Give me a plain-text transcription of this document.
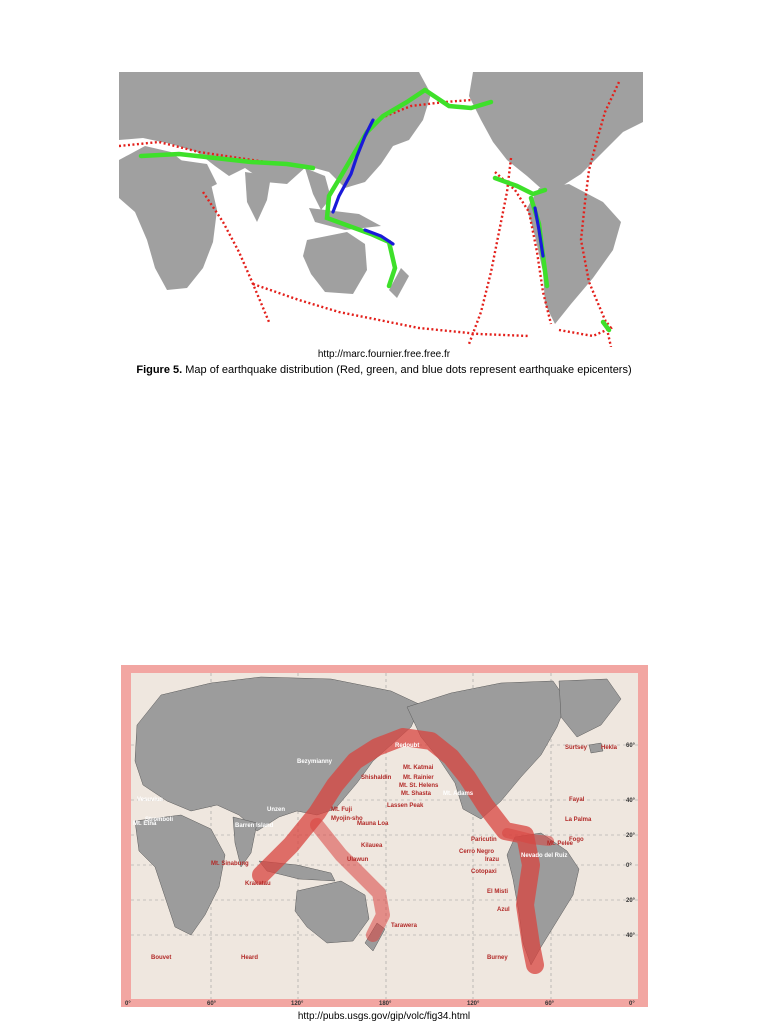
http://marc.fournier.free.free.fr
Figure 5. Map of earthquake distribution (Red, green, and blue dots represent earthquake epicenters)
Redoubt
Bezymianny
Mt. Katmai
Shishaldin Mt. Rainier
Mt. St. Helens
Mt. Shasta
Lassen Peak
Mt. Adams
Mt. Fuji
Myojin-sho
Mauna Loa
Unzen
Barren Island
Kilauea
Mt. Sinabung
Ulawun
Krakatau
Tarawera
Paricutin
Cerro Negro
Irazu
Nevado del Ruiz
Cotopaxi
El Misti
Azul
Burney
Surtsey Hekla
Fayal
La Palma
Fogo
Mt. Pelee
Vesuvius
Stromboli
Mt. Etna
Bouvet	Heard
60°
40°
20°
0°
20°
40°
0°	60°	120°	180°	120°	60°	0°
http://pubs.usgs.gov/gip/volc/fig34.html
